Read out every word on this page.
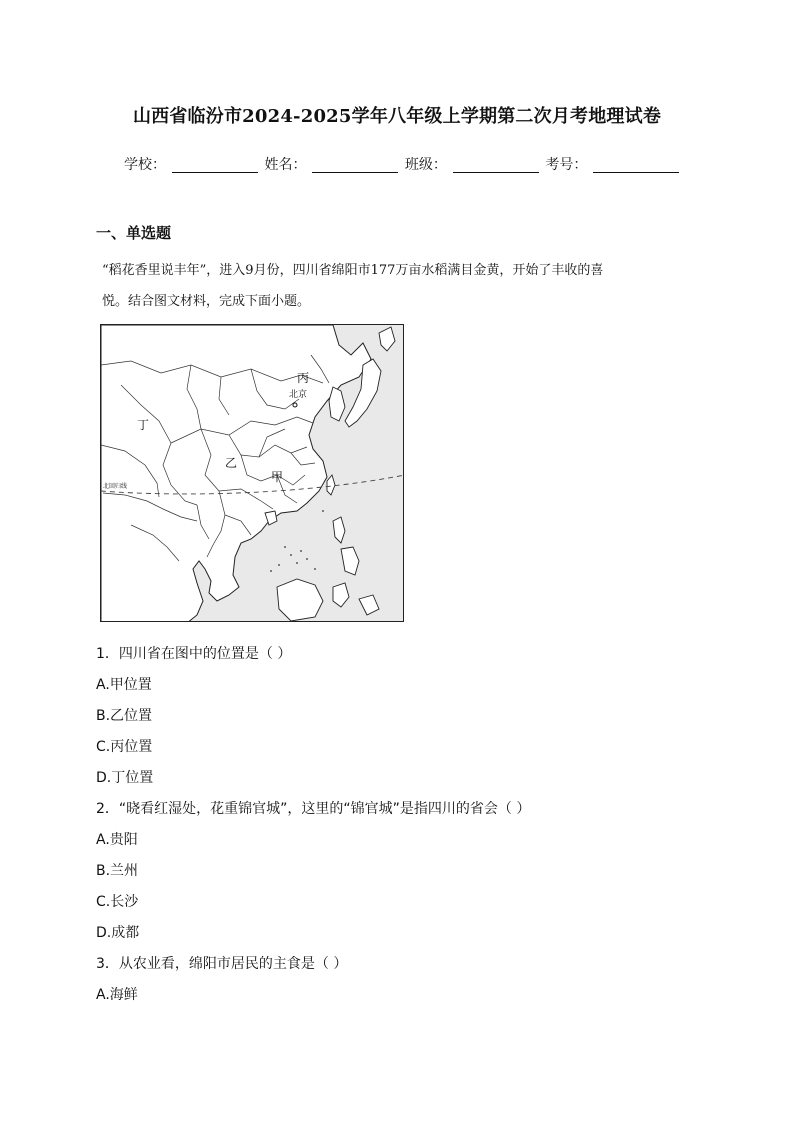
山西省临汾市2024-2025学年八年级上学期第二次月考地理试卷
学校：	姓名：	班级：	考号：
一、单选题
“稻花香里说丰年”，进入9月份，四川省绵阳市177万亩水稻满目金黄，开始了丰收的喜
悦。结合图文材料，完成下面小题。
丙
北京
丁
乙
甲
北回归线
1．四川省在图中的位置是（ ）
A.甲位置
B.乙位置
C.丙位置
D.丁位置
2．“晓看红湿处，花重锦官城”，这里的“锦官城”是指四川的省会（ ）
A.贵阳
B.兰州
C.长沙
D.成都
3．从农业看，绵阳市居民的主食是（ ）
A.海鲜
